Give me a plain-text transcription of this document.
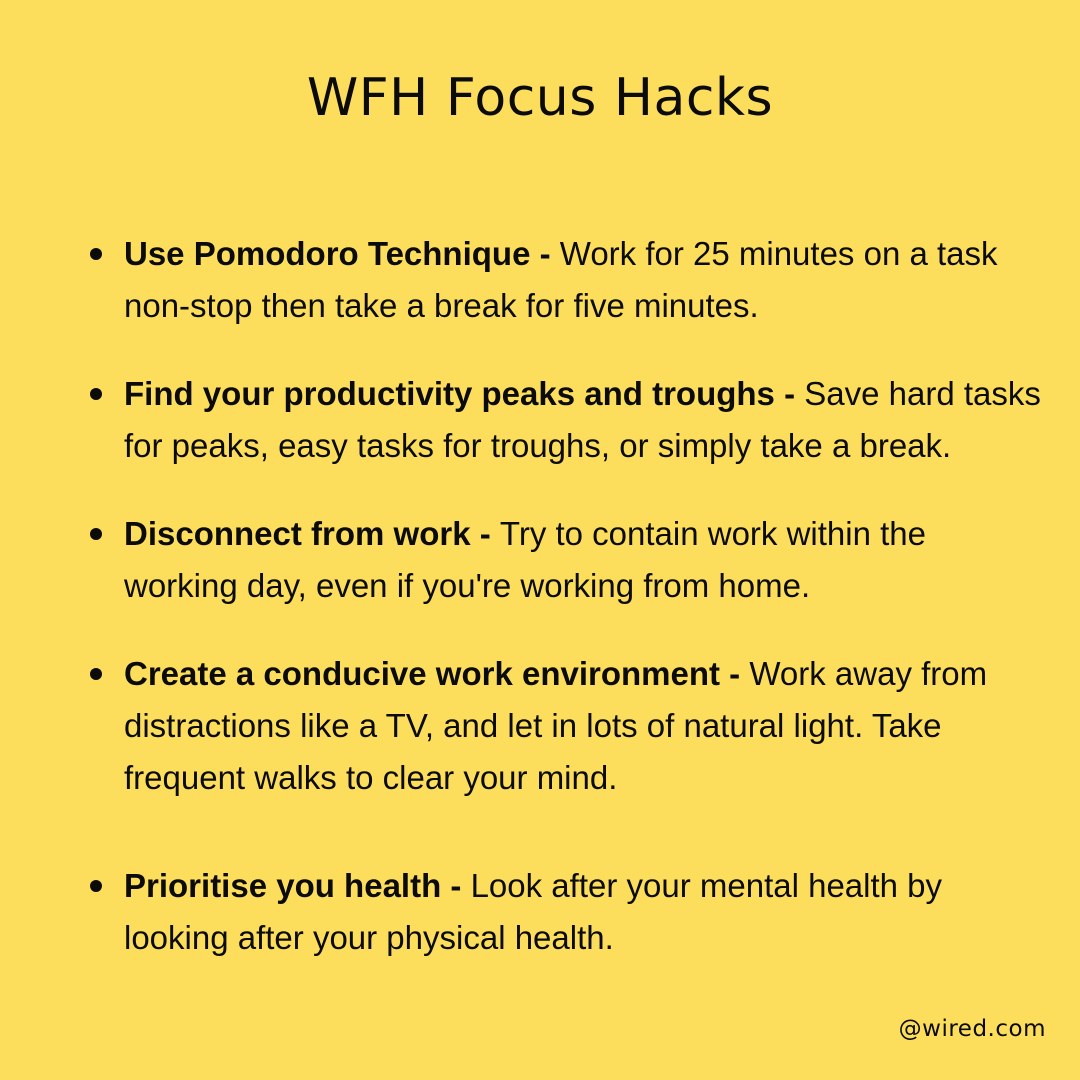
WFH Focus Hacks
Use Pomodoro Technique - Work for 25 minutes on a task non-stop then take a break for five minutes.
Find your productivity peaks and troughs - Save hard tasks for peaks, easy tasks for troughs, or simply take a break.
Disconnect from work - Try to contain work within the working day, even if you're working from home.
Create a conducive work environment - Work away from distractions like a TV, and let in lots of natural light. Take frequent walks to clear your mind.
Prioritise you health - Look after your mental health by looking after your physical health.
@wired.com
